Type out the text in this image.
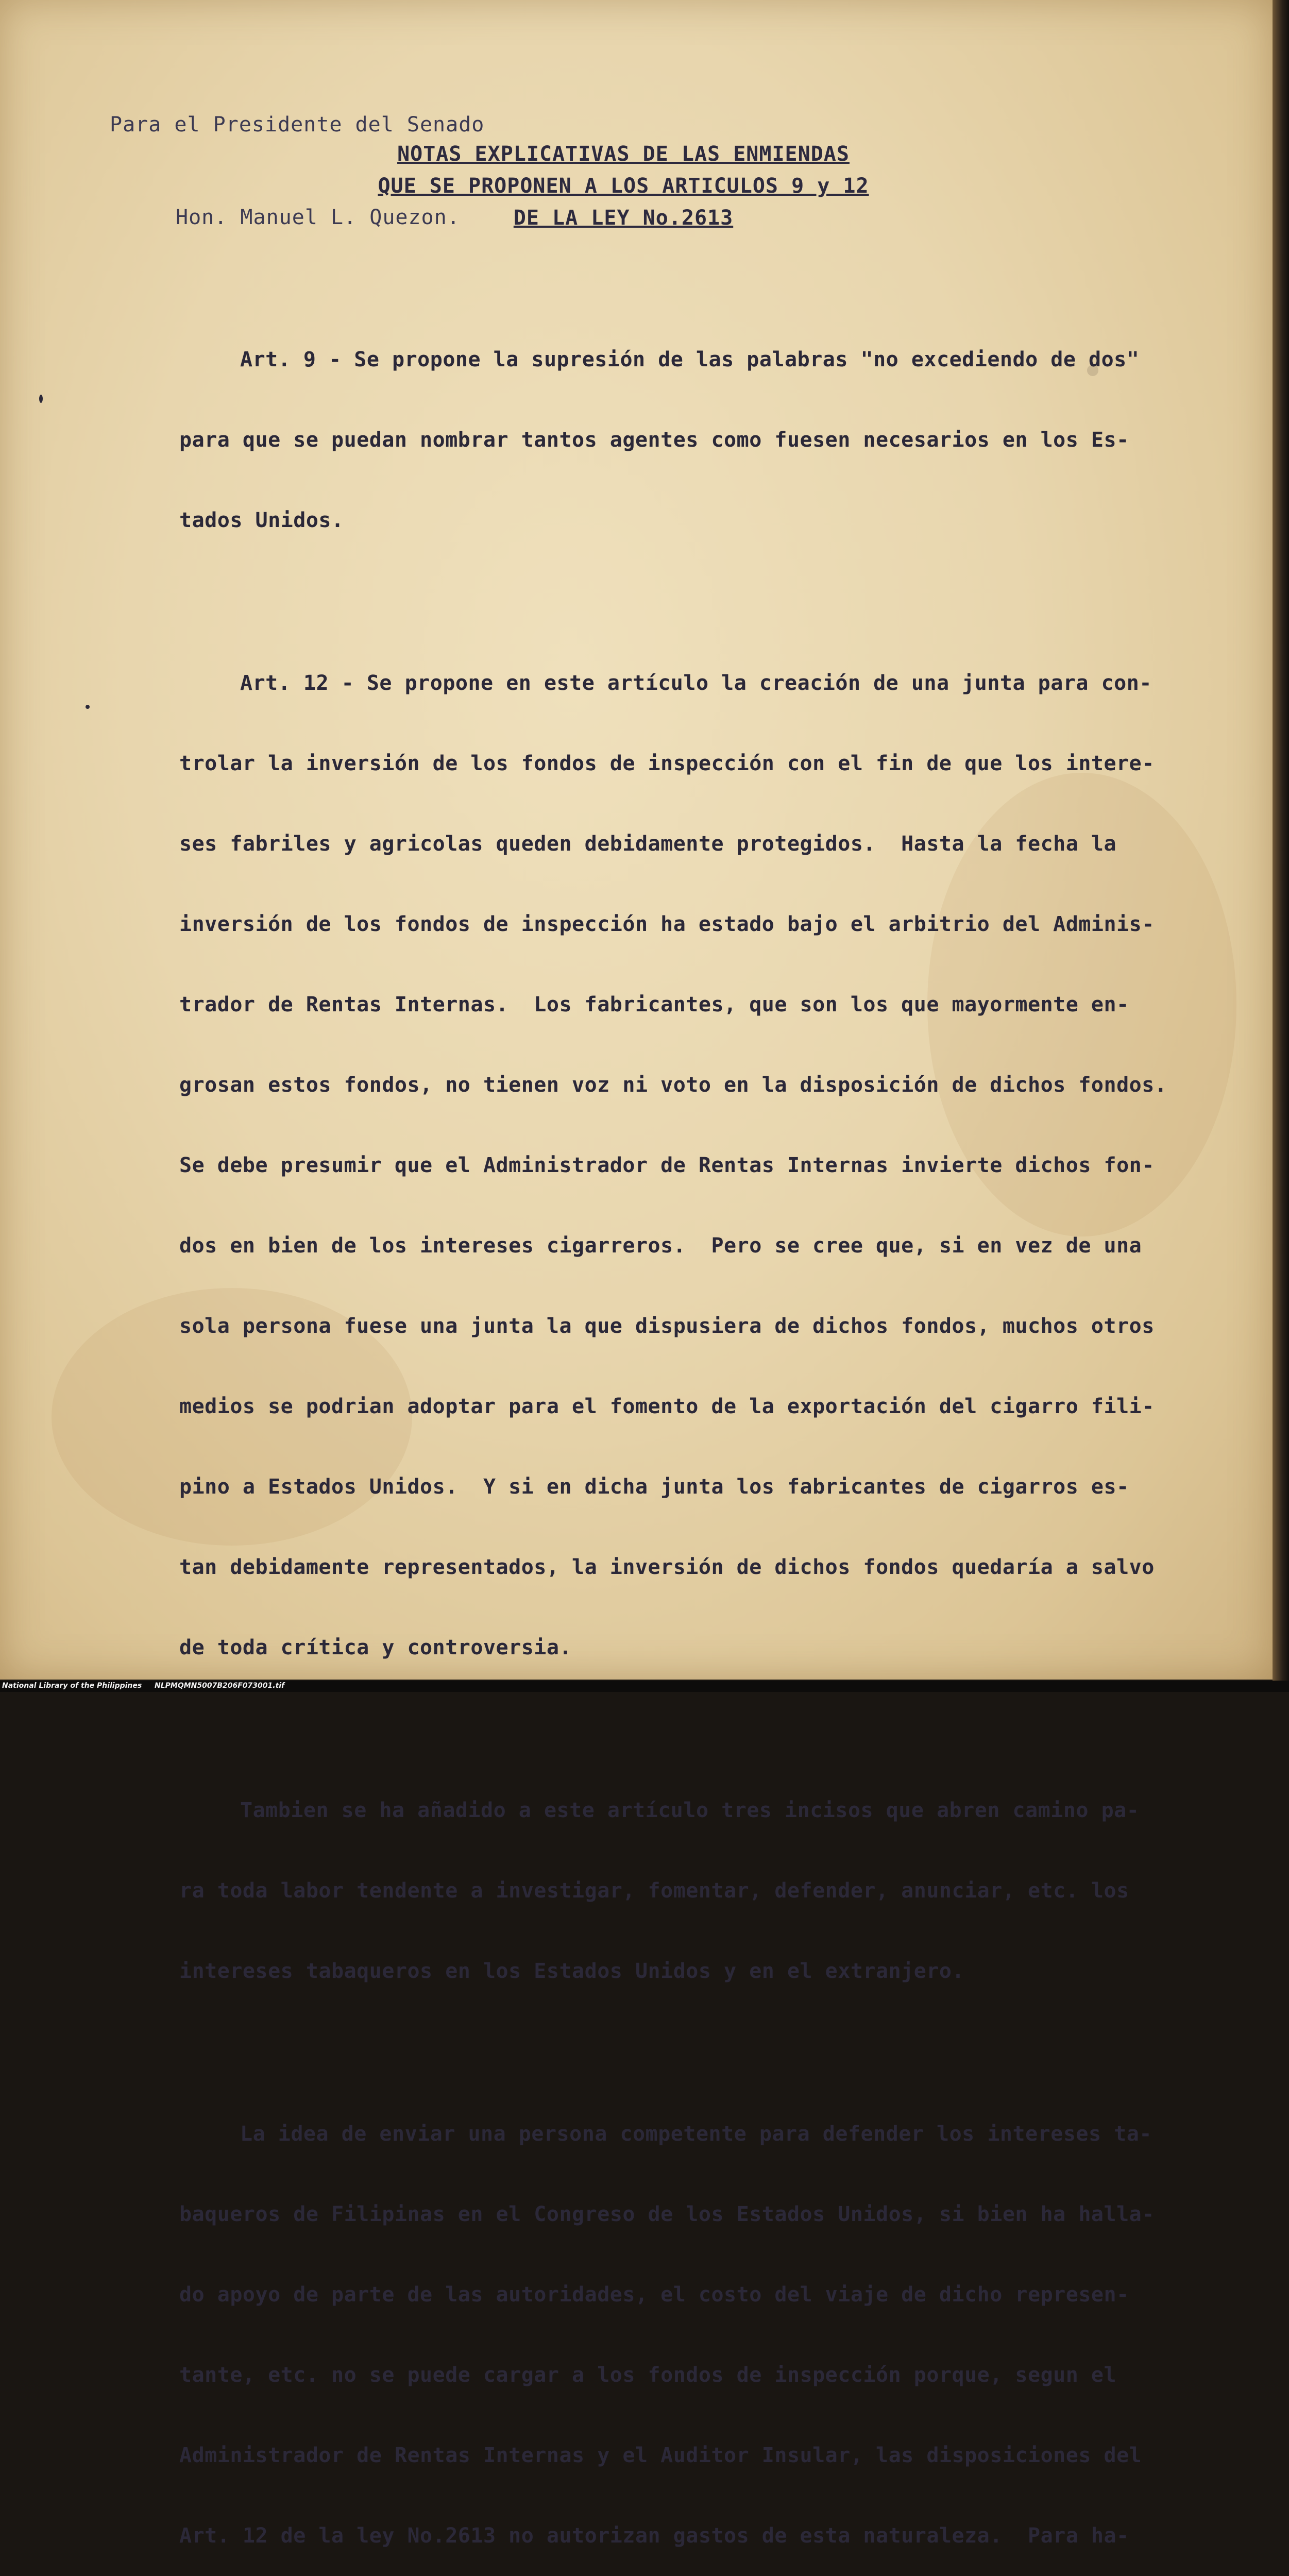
Para el Presidente del Senado

Hon. Manuel L. Quezon.

NOTAS EXPLICATIVAS DE LAS ENMIENDAS
QUE SE PROPONEN A LOS ARTICULOS 9 y 12
DE LA LEY No.2613

Art. 9 - Se propone la supresión de las palabras "no excediendo de dos"

para que se puedan nombrar tantos agentes como fuesen necesarios en los Es-

tados Unidos.

Art. 12 - Se propone en este artículo la creación de una junta para con-

trolar la inversión de los fondos de inspección con el fin de que los intere-

ses fabriles y agricolas queden debidamente protegidos.  Hasta la fecha la

inversión de los fondos de inspección ha estado bajo el arbitrio del Adminis-

trador de Rentas Internas.  Los fabricantes, que son los que mayormente en-

grosan estos fondos, no tienen voz ni voto en la disposición de dichos fondos.

Se debe presumir que el Administrador de Rentas Internas invierte dichos fon-

dos en bien de los intereses cigarreros.  Pero se cree que, si en vez de una

sola persona fuese una junta la que dispusiera de dichos fondos, muchos otros

medios se podrian adoptar para el fomento de la exportación del cigarro fili-

pino a Estados Unidos.  Y si en dicha junta los fabricantes de cigarros es-

tan debidamente representados, la inversión de dichos fondos quedaría a salvo

de toda crítica y controversia.

Tambien se ha añadido a este artículo tres incisos que abren camino pa-

ra toda labor tendente a investigar, fomentar, defender, anunciar, etc. los

intereses tabaqueros en los Estados Unidos y en el extranjero.

La idea de enviar una persona competente para defender los intereses ta-

baqueros de Filipinas en el Congreso de los Estados Unidos, si bien ha halla-

do apoyo de parte de las autoridades, el costo del viaje de dicho represen-

tante, etc. no se puede cargar a los fondos de inspección porque, segun el

Administrador de Rentas Internas y el Auditor Insular, las disposiciones del

Art. 12 de la ley No.2613 no autorizan gastos de esta naturaleza.  Para ha-

National Library of the Philippines NLPMQMN5007B206F073001.tif
